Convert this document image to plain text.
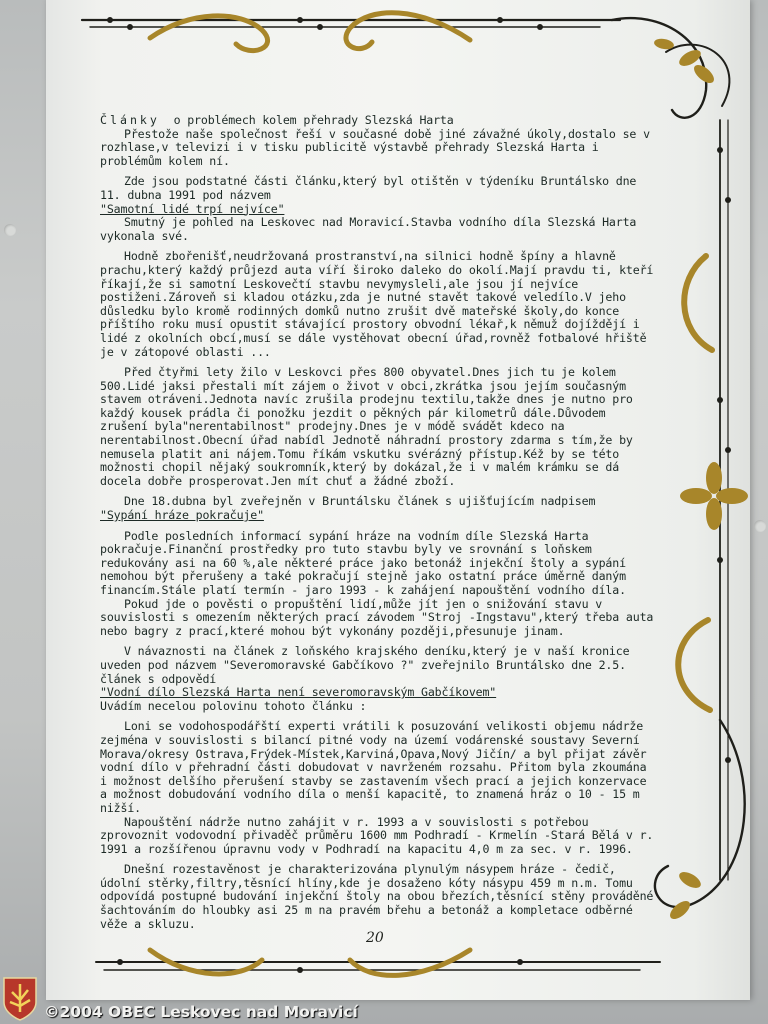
Články o problémech kolem přehrady Slezská Harta

Přestože naše společnost řeší v současné době jiné závažné úkoly,dostalo se v rozhlase,v televizi i v tisku publicitě výstavbě přehrady Slezská Harta i problémům kolem ní.

Zde jsou podstatné části článku,který byl otištěn v týdeníku Bruntálsko dne 11. dubna 1991 pod názvem

"Samotní lidé trpí nejvíce"

Smutný je pohled na Leskovec nad Moravicí.Stavba vodního díla Slezská Harta vykonala své.

Hodně zbořenišť,neudržovaná prostranství,na silnici hodně špíny a hlavně prachu,který každý průjezd auta víří široko daleko do okolí.Mají pravdu ti, kteří říkají,že si samotní Leskovečtí stavbu nevymysleli,ale jsou jí nejvíce postiženi.Zároveň si kladou otázku,zda je nutné stavět takové veledílo.V jeho důsledku bylo kromě rodinných domků nutno zrušit dvě mateřské školy,do konce příštího roku musí opustit stávající prostory obvodní lékař,k němuž dojíždějí i lidé z okolních obcí,musí se dále vystěhovat obecní úřad,rovněž fotbalové hřiště je v zátopové oblasti ...

Před čtyřmi lety žilo v Leskovci přes 800 obyvatel.Dnes jich tu je kolem 500.Lidé jaksi přestali mít zájem o život v obci,zkrátka jsou jejím současným stavem otráveni.Jednota navíc zrušila prodejnu textilu,takže dnes je nutno pro každý kousek prádla či ponožku jezdit o pěkných pár kilometrů dále.Důvodem zrušení byla"nerentabilnost" prodejny.Dnes je v módě svádět kdeco na nerentabilnost.Obecní úřad nabídl Jednotě náhradní prostory zdarma s tím,že by nemusela platit ani nájem.Tomu říkám vskutku svérázný přístup.Kéž by se této možnosti chopil nějaký soukromník,který by dokázal,že i v malém krámku se dá docela dobře prosperovat.Jen mít chuť a žádné zboží.

Dne 18.dubna byl zveřejněn v Bruntálsku článek s ujišťujícím nadpisem

"Sypání hráze pokračuje"

Podle posledních informací sypání hráze na vodním díle Slezská Harta pokračuje.Finanční prostředky pro tuto stavbu byly ve srovnání s loňskem redukovány asi na 60 %,ale některé práce jako betonáž injekční štoly a sypání nemohou být přerušeny a také pokračují stejně jako ostatní práce úměrně daným financím.Stále platí termín - jaro 1993 - k zahájení napouštění vodního díla.

Pokud jde o pověsti o propuštění lidí,může jít jen o snižování stavu v souvislosti s omezením některých prací závodem "Stroj -Ingstavu",který třeba auta nebo bagry z prací,které mohou být vykonány později,přesunuje jinam.

V návaznosti na článek z loňského krajského deníku,který je v naší kronice uveden pod názvem "Severomoravské Gabčíkovo ?" zveřejnilo Bruntálsko dne 2.5. článek s odpovědí

"Vodní dílo Slezská Harta není severomoravským Gabčíkovem"

Uvádím necelou polovinu tohoto článku :

Loni se vodohospodářští experti vrátili k posuzování velikosti objemu nádrže zejména v souvislosti s bilancí pitné vody na území vodárenské soustavy Severní Morava/okresy Ostrava,Frýdek-Místek,Karviná,Opava,Nový Jičín/ a byl přijat závěr vodní dílo v přehradní části dobudovat v navrženém rozsahu. Přitom byla zkoumána i možnost delšího přerušení stavby se zastavením všech prací a jejich konzervace a možnost dobudování vodního díla o menší kapacitě, to znamená hráz o 10 - 15 m nižší.

Napouštění nádrže nutno zahájit v r. 1993 a v souvislosti s potřebou zprovoznit vodovodní přivaděč průměru 1600 mm Podhradí - Krmelín -Stará Bělá v r. 1991 a rozšířenou úpravnu vody v Podhradí na kapacitu 4,0 m za sec. v r. 1996.

Dnešní rozestavěnost je charakterizována plynulým násypem hráze - čedič, údolní stěrky,filtry,těsnící hlíny,kde je dosaženo kóty násypu 459 m n.m. Tomu odpovídá postupné budování injekční štoly na obou březích,těsnící stěny prováděné šachtováním do hloubky asi 25 m na pravém břehu a betonáž a kompletace odběrné věže a skluzu.

20
©2004 OBEC Leskovec nad Moravicí
